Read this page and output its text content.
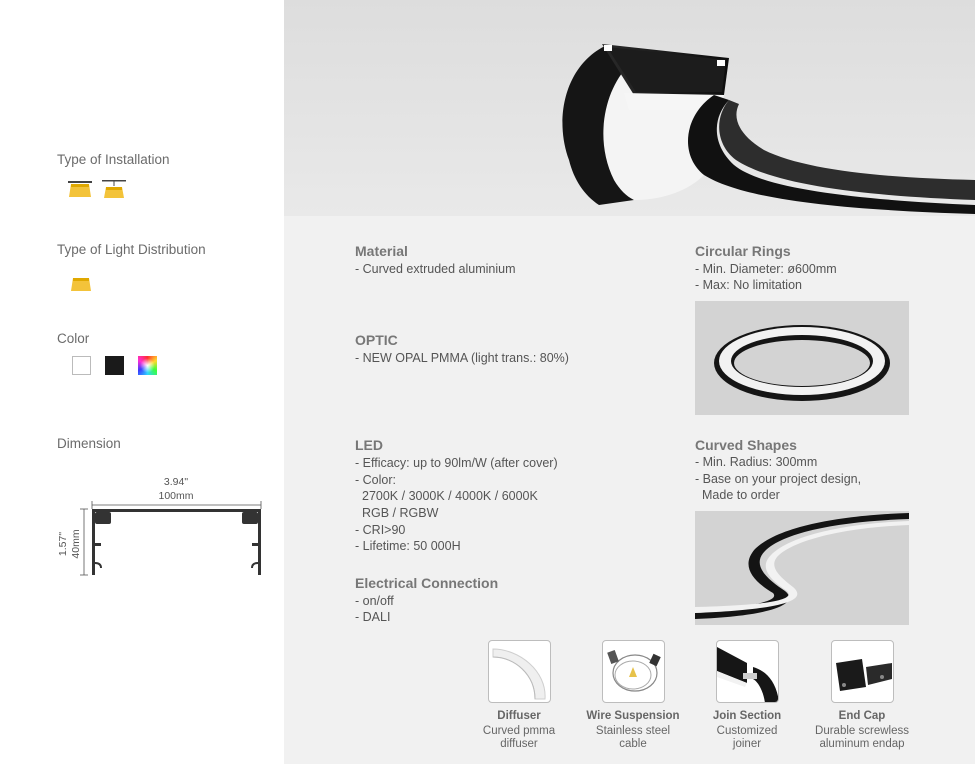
Type of Installation
Type of Light Distribution
Color
Dimension
3.94"
100mm
1.57" 40mm
Material
- Curved extruded aluminium
OPTIC
- NEW OPAL PMMA (light trans.: 80%)
LED
- Efficacy: up to 90lm/W (after cover)
- Color:
2700K / 3000K / 4000K / 6000K
RGB / RGBW
- CRI>90
- Lifetime: 50 000H
Electrical Connection
- on/off
- DALI
Circular Rings
- Min. Diameter: ø600mm
- Max: No limitation
Curved Shapes
- Min. Radius: 300mm
- Base on your project design,
Made to order
Diffuser
Curved pmma
diffuser
Wire Suspension
Stainless steel
cable
Join Section
Customized
joiner
End Cap
Durable screwless
aluminum endap
